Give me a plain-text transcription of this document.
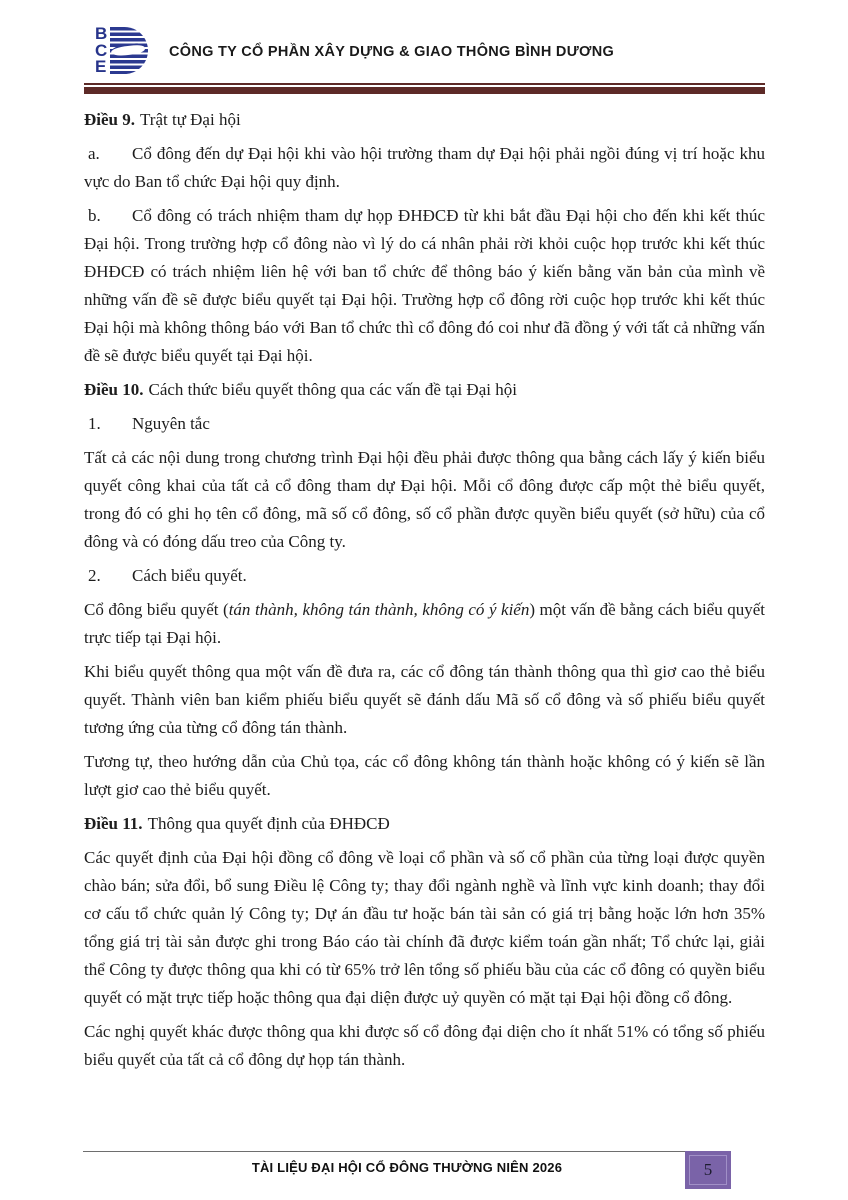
B
C
E
CÔNG TY CỔ PHẦN XÂY DỰNG & GIAO THÔNG BÌNH DƯƠNG

Điều 9. Trật tự Đại hội

a. Cổ đông đến dự Đại hội khi vào hội trường tham dự Đại hội phải ngồi đúng vị trí hoặc khu vực do Ban tổ chức Đại hội quy định.

b. Cổ đông có trách nhiệm tham dự họp ĐHĐCĐ từ khi bắt đầu Đại hội cho đến khi kết thúc Đại hội. Trong trường hợp cổ đông nào vì lý do cá nhân phải rời khỏi cuộc họp trước khi kết thúc ĐHĐCĐ có trách nhiệm liên hệ với ban tổ chức để thông báo ý kiến bằng văn bản của mình về những vấn đề sẽ được biểu quyết tại Đại hội. Trường hợp cổ đông rời cuộc họp trước khi kết thúc Đại hội mà không thông báo với Ban tổ chức thì cổ đông đó coi như đã đồng ý với tất cả những vấn đề sẽ được biểu quyết tại Đại hội.

Điều 10. Cách thức biểu quyết thông qua các vấn đề tại Đại hội

1. Nguyên tắc

Tất cả các nội dung trong chương trình Đại hội đều phải được thông qua bằng cách lấy ý kiến biểu quyết công khai của tất cả cổ đông tham dự Đại hội. Mỗi cổ đông được cấp một thẻ biểu quyết, trong đó có ghi họ tên cổ đông, mã số cổ đông, số cổ phần được quyền biểu quyết (sở hữu) của cổ đông và có đóng dấu treo của Công ty.

2. Cách biểu quyết.

Cổ đông biểu quyết (tán thành, không tán thành, không có ý kiến) một vấn đề bằng cách biểu quyết trực tiếp tại Đại hội.

Khi biểu quyết thông qua một vấn đề đưa ra, các cổ đông tán thành thông qua thì giơ cao thẻ biểu quyết. Thành viên ban kiểm phiếu biểu quyết sẽ đánh dấu Mã số cổ đông và số phiếu biểu quyết tương ứng của từng cổ đông tán thành.

Tương tự, theo hướng dẫn của Chủ tọa, các cổ đông không tán thành hoặc không có ý kiến sẽ lần lượt giơ cao thẻ biểu quyết.

Điều 11. Thông qua quyết định của ĐHĐCĐ

Các quyết định của Đại hội đồng cổ đông về loại cổ phần và số cổ phần của từng loại được quyền chào bán; sửa đổi, bổ sung Điều lệ Công ty; thay đổi ngành nghề và lĩnh vực kinh doanh; thay đổi cơ cấu tổ chức quản lý Công ty; Dự án đầu tư hoặc bán tài sản có giá trị bằng hoặc lớn hơn 35% tổng giá trị tài sản được ghi trong Báo cáo tài chính đã được kiểm toán gần nhất; Tổ chức lại, giải thể Công ty được thông qua khi có từ 65% trở lên tổng số phiếu bầu của các cổ đông có quyền biểu quyết có mặt trực tiếp hoặc thông qua đại diện được uỷ quyền có mặt tại Đại hội đồng cổ đông.

Các nghị quyết khác được thông qua khi được số cổ đông đại diện cho ít nhất 51% có tổng số phiếu biểu quyết của tất cả cổ đông dự họp tán thành.

TÀI LIỆU ĐẠI HỘI CỔ ĐÔNG THƯỜNG NIÊN 2026	5
